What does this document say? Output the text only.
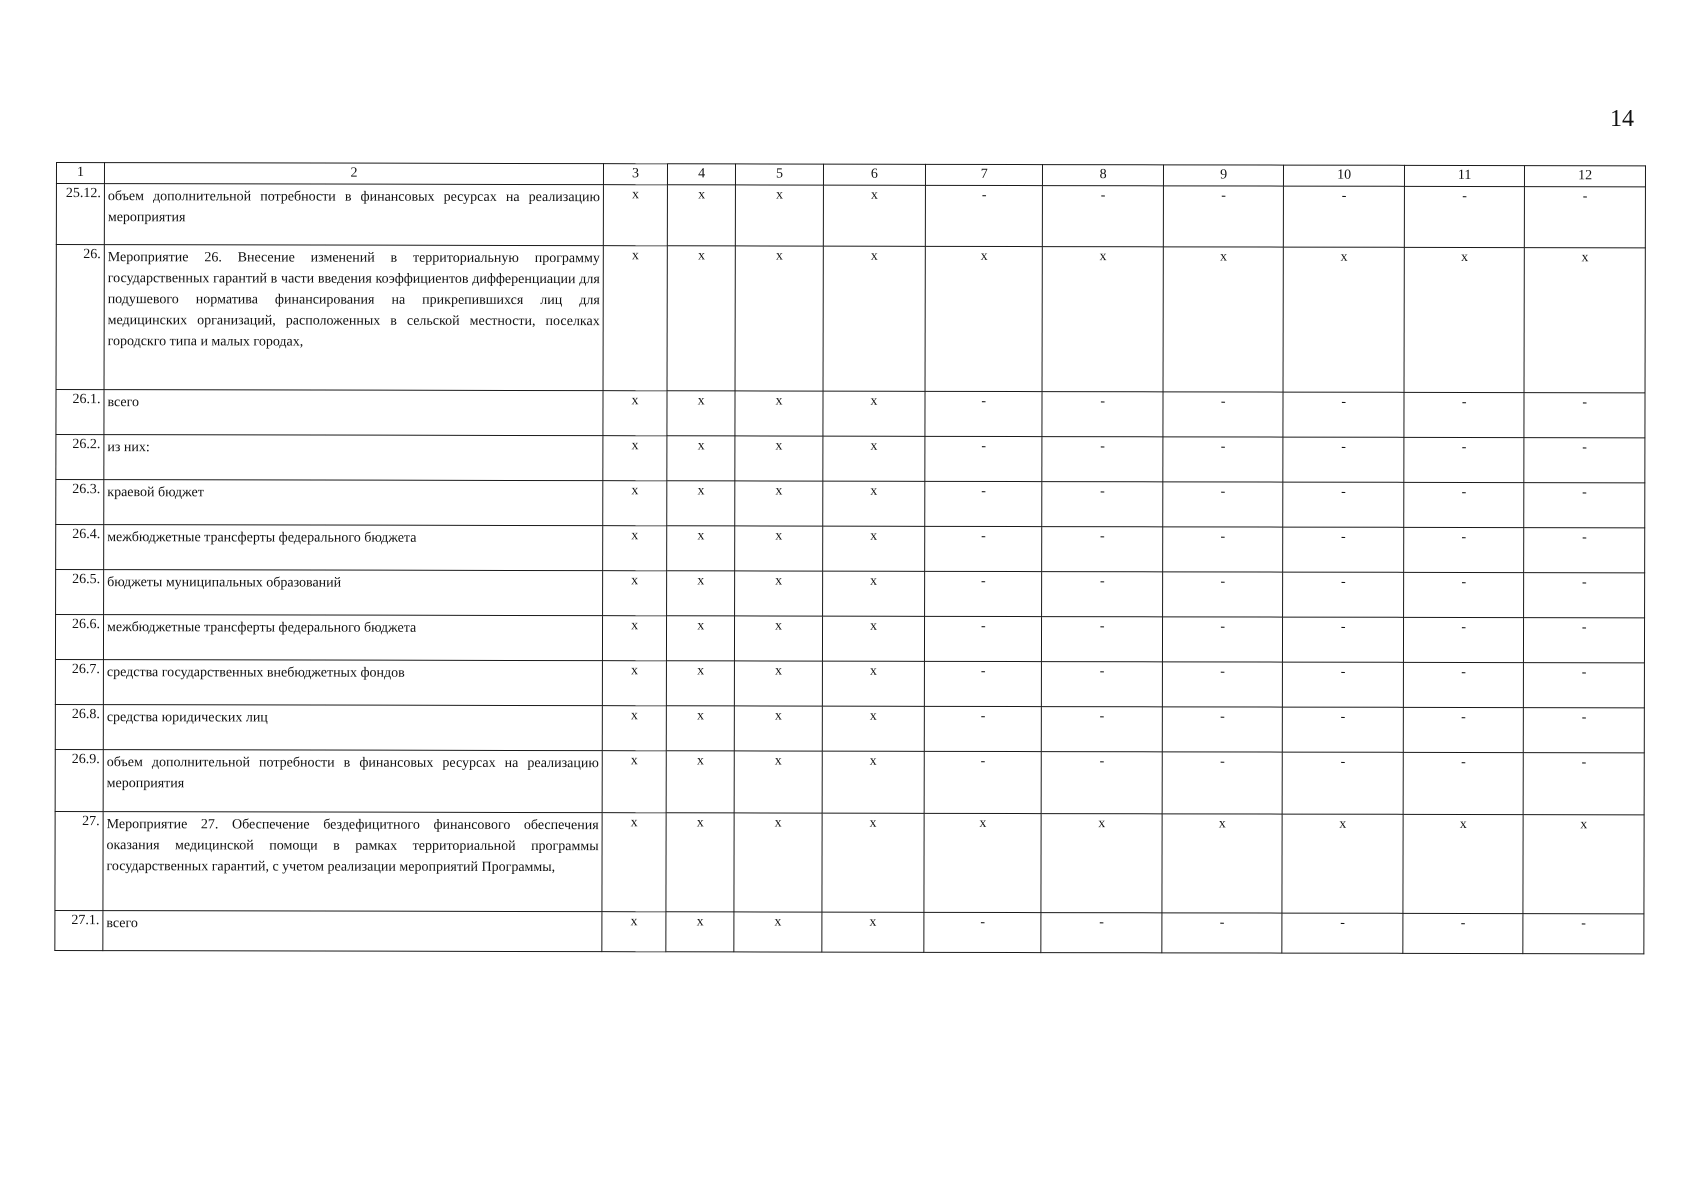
14
1	2	3	4	5	6	7	8	9	10	11	12
25.12.	объем дополнительной потребности в финансовых ресурсах на реализацию мероприятия	x	x	x	x	-	-	-	-	-	-
26.	Мероприятие 26. Внесение изменений в территориальную программу государственных гарантий в части введения коэффициентов дифференциации для подушевого норматива финансирования на прикрепившихся лиц для медицинских организаций, расположенных в сельской местности, поселках городскго типа и малых городах,	x	x	x	x	x	x	x	x	x	x
26.1.	всего	x	x	x	x	-	-	-	-	-	-
26.2.	из них:	x	x	x	x	-	-	-	-	-	-
26.3.	краевой бюджет	x	x	x	x	-	-	-	-	-	-
26.4.	межбюджетные трансферты федерального бюджета	x	x	x	x	-	-	-	-	-	-
26.5.	бюджеты муниципальных образований	x	x	x	x	-	-	-	-	-	-
26.6.	межбюджетные трансферты федерального бюджета	x	x	x	x	-	-	-	-	-	-
26.7.	средства государственных внебюджетных фондов	x	x	x	x	-	-	-	-	-	-
26.8.	средства юридических лиц	x	x	x	x	-	-	-	-	-	-
26.9.	объем дополнительной потребности в финансовых ресурсах на реализацию мероприятия	x	x	x	x	-	-	-	-	-	-
27.	Мероприятие 27. Обеспечение бездефицитного финансового обеспечения оказания медицинской помощи в рамках территориальной программы государственных гарантий, с учетом реализации мероприятий Программы,	x	x	x	x	x	x	x	x	x	x
27.1.	всего	x	x	x	x	-	-	-	-	-	-
